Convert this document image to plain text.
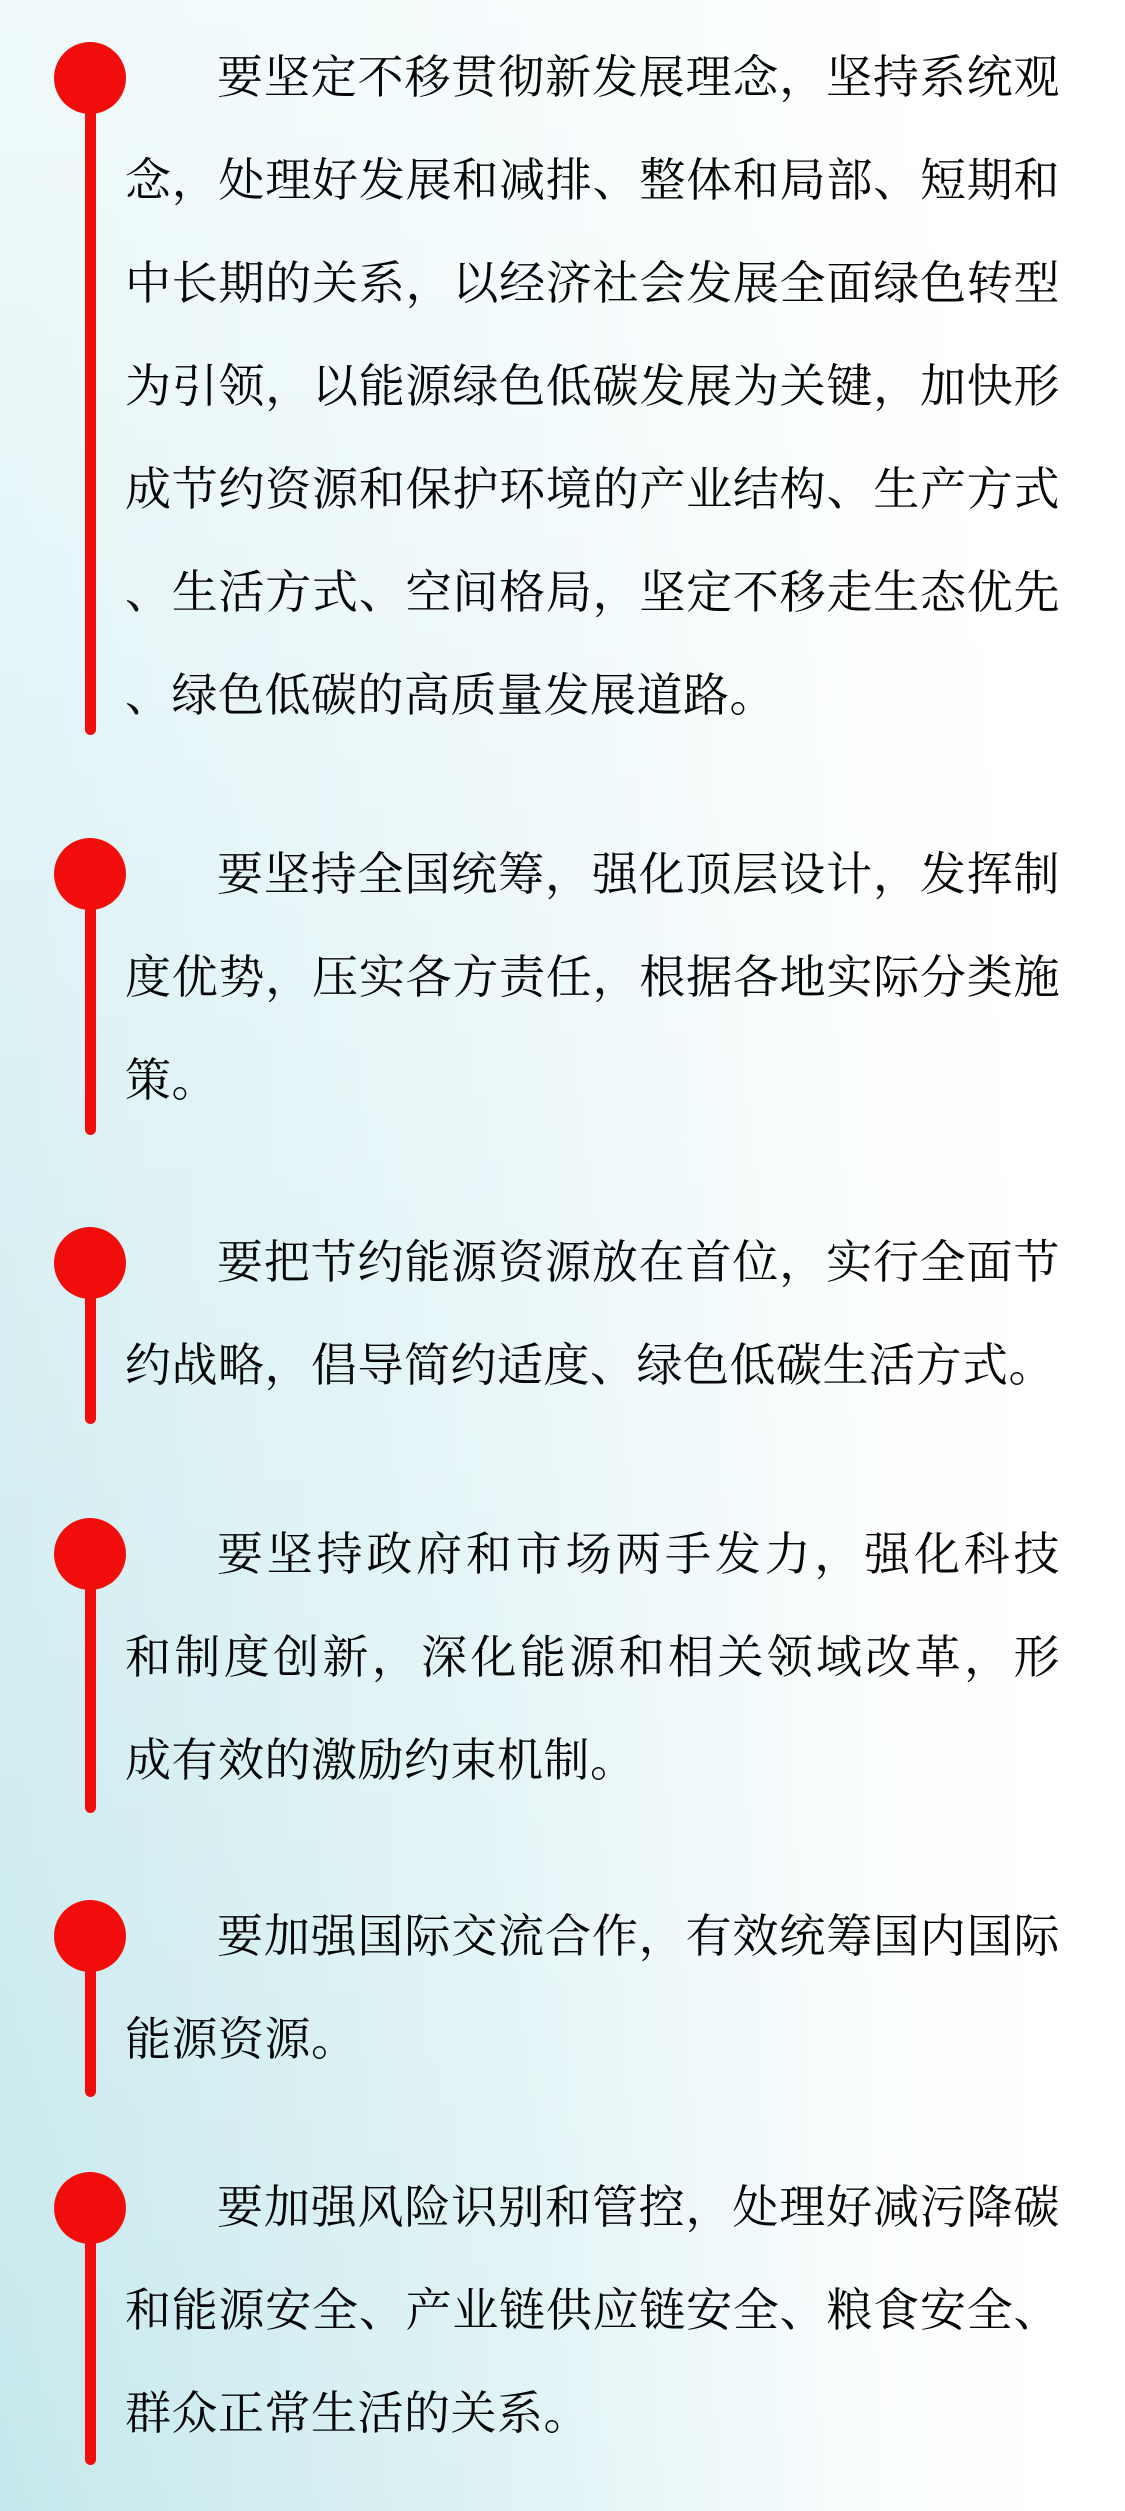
要坚定不移贯彻新发展理念，坚持系统观
念，处理好发展和减排、整体和局部、短期和
中长期的关系，以经济社会发展全面绿色转型
为引领，以能源绿色低碳发展为关键，加快形
成节约资源和保护环境的产业结构、生产方式
、生活方式、空间格局，坚定不移走生态优先
、绿色低碳的高质量发展道路。
要坚持全国统筹，强化顶层设计，发挥制
度优势，压实各方责任，根据各地实际分类施
策。
要把节约能源资源放在首位，实行全面节
约战略，倡导简约适度、绿色低碳生活方式。
要坚持政府和市场两手发力，强化科技
和制度创新，深化能源和相关领域改革，形
成有效的激励约束机制。
要加强国际交流合作，有效统筹国内国际
能源资源。
要加强风险识别和管控，处理好减污降碳
和能源安全、产业链供应链安全、粮食安全、
群众正常生活的关系。
